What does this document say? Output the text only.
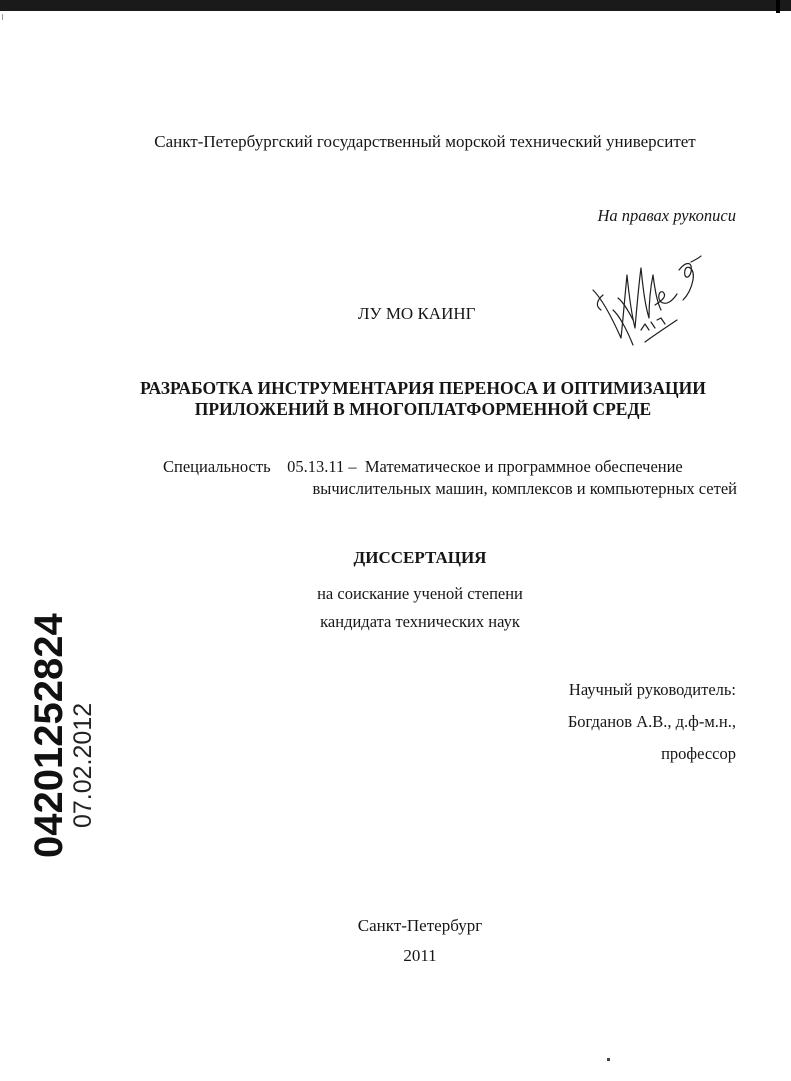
Санкт-Петербургский государственный морской технический университет
На правах рукописи
ЛУ МО КАИНГ
РАЗРАБОТКА ИНСТРУМЕНТАРИЯ ПЕРЕНОСА И ОПТИМИЗАЦИИ
ПРИЛОЖЕНИЙ В МНОГОПЛАТФОРМЕННОЙ СРЕДЕ
Специальность 05.13.11 – Математическое и программное обеспечение
вычислительных машин, комплексов и компьютерных сетей
ДИССЕРТАЦИЯ
на соискание ученой степени
кандидата технических наук
Научный руководитель:
Богданов А.В., д.ф-м.н.,
профессор
04201252824
07.02.2012
Санкт-Петербург
2011
